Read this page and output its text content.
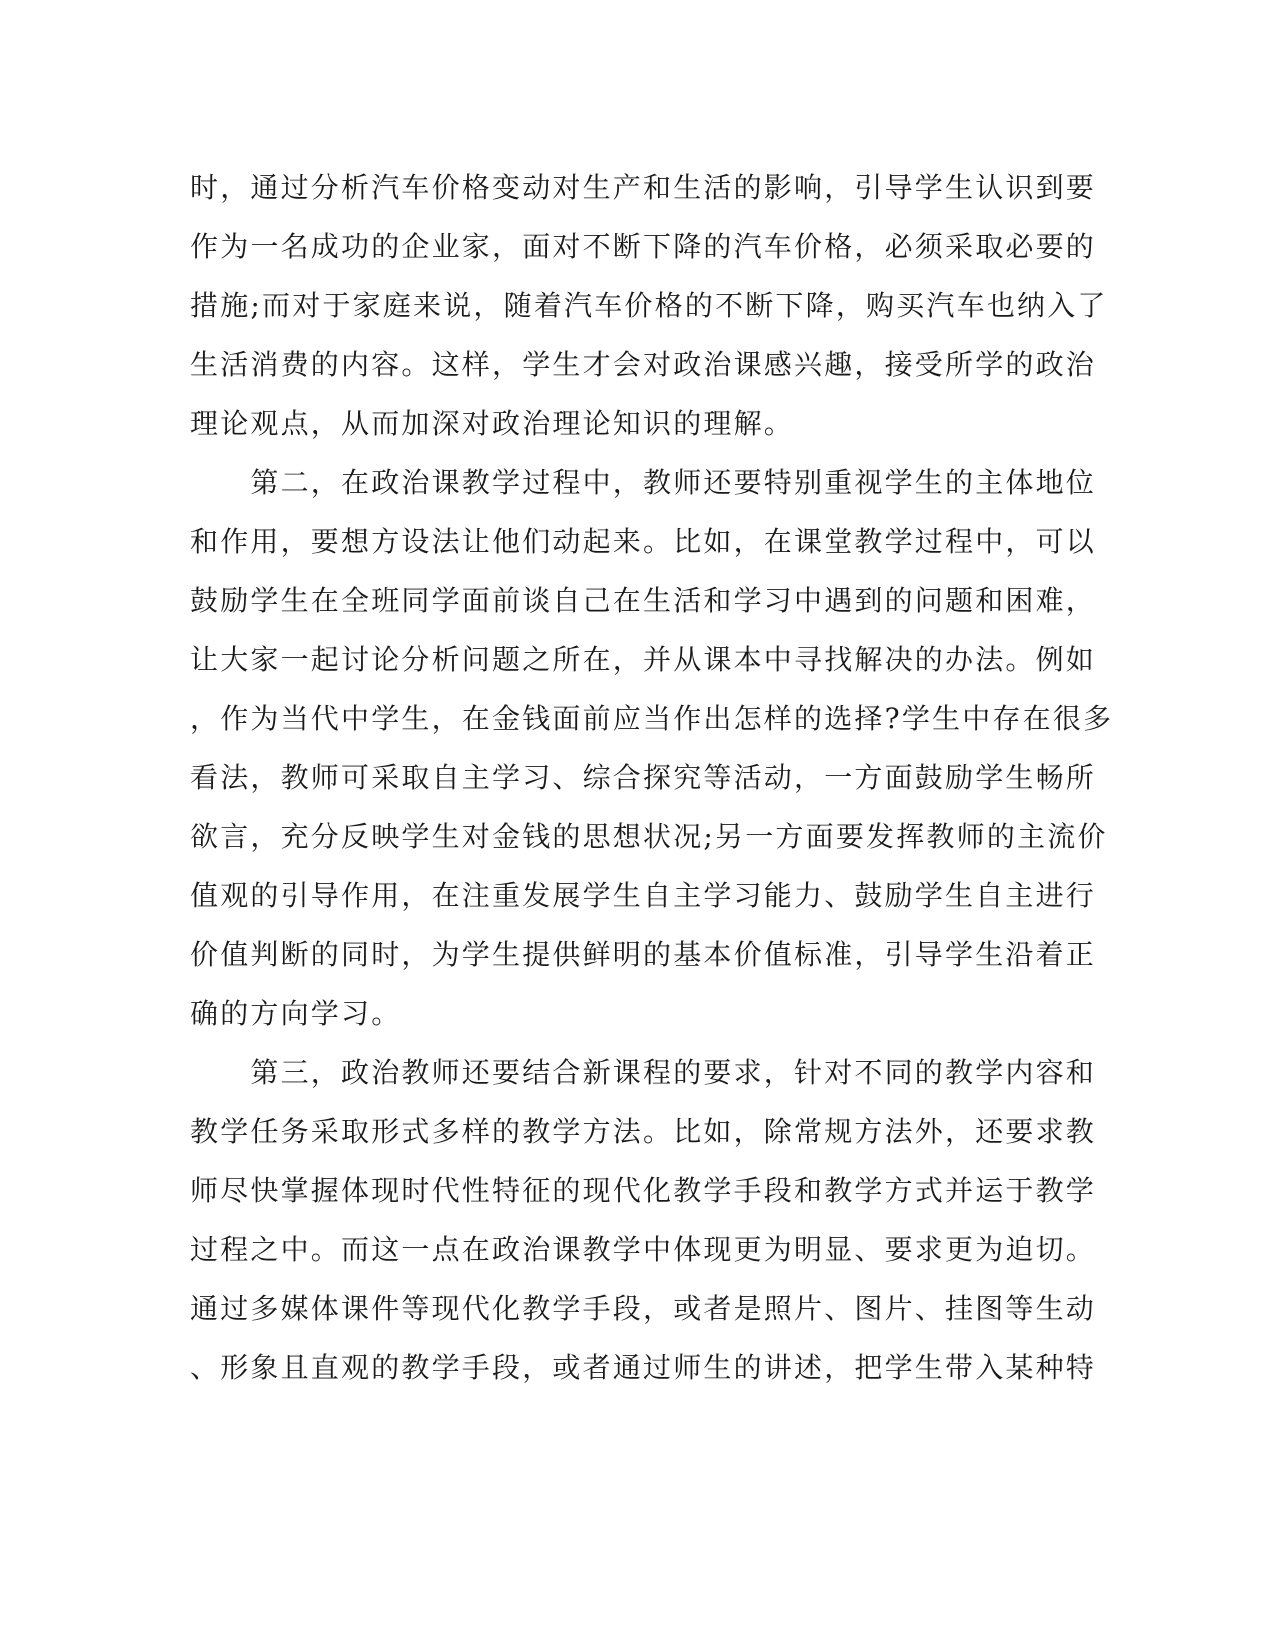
时，通过分析汽车价格变动对生产和生活的影响，引导学生认识到要
作为一名成功的企业家，面对不断下降的汽车价格，必须采取必要的
措施;而对于家庭来说，随着汽车价格的不断下降，购买汽车也纳入了
生活消费的内容。这样，学生才会对政治课感兴趣，接受所学的政治
理论观点，从而加深对政治理论知识的理解。
　　第二，在政治课教学过程中，教师还要特别重视学生的主体地位
和作用，要想方设法让他们动起来。比如，在课堂教学过程中，可以
鼓励学生在全班同学面前谈自己在生活和学习中遇到的问题和困难，
让大家一起讨论分析问题之所在，并从课本中寻找解决的办法。例如
，作为当代中学生，在金钱面前应当作出怎样的选择?学生中存在很多
看法，教师可采取自主学习、综合探究等活动，一方面鼓励学生畅所
欲言，充分反映学生对金钱的思想状况;另一方面要发挥教师的主流价
值观的引导作用，在注重发展学生自主学习能力、鼓励学生自主进行
价值判断的同时，为学生提供鲜明的基本价值标准，引导学生沿着正
确的方向学习。
　　第三，政治教师还要结合新课程的要求，针对不同的教学内容和
教学任务采取形式多样的教学方法。比如，除常规方法外，还要求教
师尽快掌握体现时代性特征的现代化教学手段和教学方式并运于教学
过程之中。而这一点在政治课教学中体现更为明显、要求更为迫切。
通过多媒体课件等现代化教学手段，或者是照片、图片、挂图等生动
、形象且直观的教学手段，或者通过师生的讲述，把学生带入某种特
